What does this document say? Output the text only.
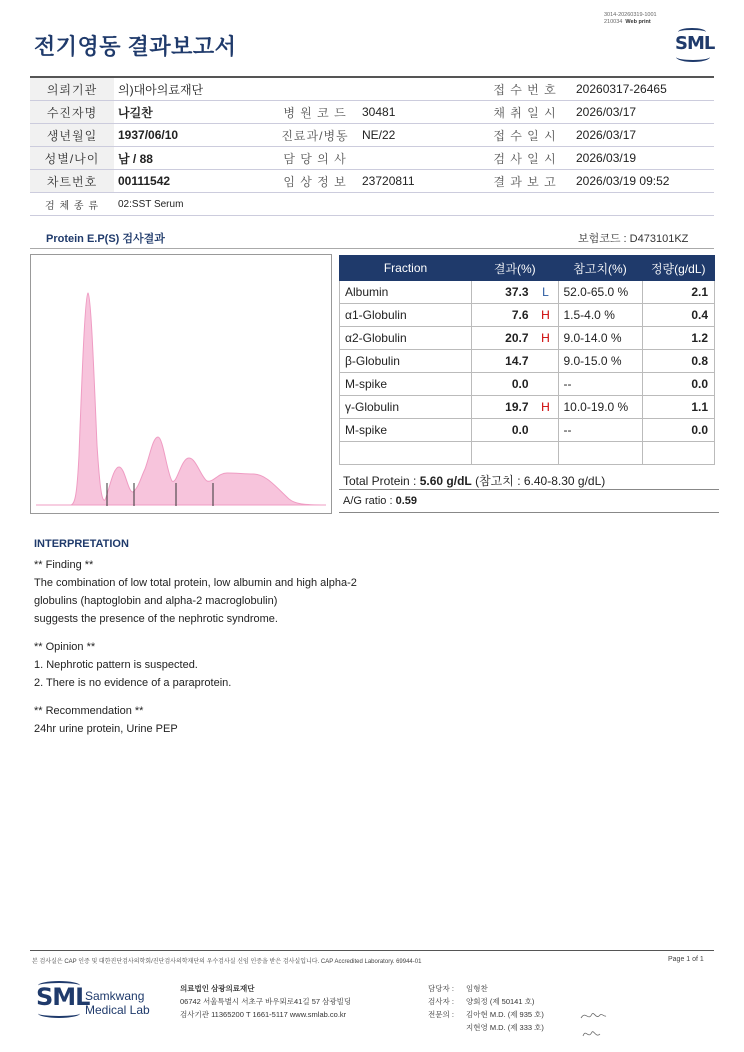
전기영동 결과보고서
3014-20260319-1001
210034 Web print
SML
의뢰기관	의)대아의료재단			접 수 번 호	20260317-26465
수진자명	나길찬	병 원 코 드	30481	채 취 일 시	2026/03/17
생년월일	1937/06/10	진료과/병동	NE/22	접 수 일 시	2026/03/17
성별/나이	남 / 88	담 당 의 사		검 사 일 시	2026/03/19
차트번호	00111542	임 상 정 보	23720811	결 과 보 고	2026/03/19 09:52
검 체 종 류	02:SST Serum				
Protein E.P(S) 검사결과	보험코드 : D473101KZ
Fraction	결과(%)		참고치(%)	정량(g/dL)
Albumin	37.3	L	52.0-65.0 %	2.1
α1-Globulin	7.6	H	1.5-4.0 %	0.4
α2-Globulin	20.7	H	9.0-14.0 %	1.2
β-Globulin	14.7		9.0-15.0 %	0.8
M-spike	0.0		--	0.0
γ-Globulin	19.7	H	10.0-19.0 %	1.1
M-spike	0.0		--	0.0

Total Protein : 5.60 g/dL (참고치 : 6.40-8.30 g/dL)
A/G ratio : 0.59
INTERPRETATION

** Finding **

The combination of low total protein, low albumin and high alpha-2

globulins (haptoglobin and alpha-2 macroglobulin)

suggests the presence of the nephrotic syndrome.

** Opinion **

1. Nephrotic pattern is suspected.

2. There is no evidence of a paraprotein.

** Recommendation **

24hr urine protein, Urine PEP

본 검사실은 CAP 인증 및 대한진단검사의학회/진단검사의학재단의 우수검사실 신임 인증을 받은 검사실입니다. CAP Accredited Laboratory. 69944-01	Page 1 of 1
SML
Samkwang
Medical Lab
의료법인 삼광의료재단
06742 서울특별시 서초구 바우뫼로41길 57 삼광빌딩
검사기관 11365200 T 1661-5117 www.smlab.co.kr
담당자 :	임형찬
검사자 :	양회정 (제 50141 호)
전문의 :	김아현 M.D. (제 935 호)
지현영 M.D. (제 333 호)
